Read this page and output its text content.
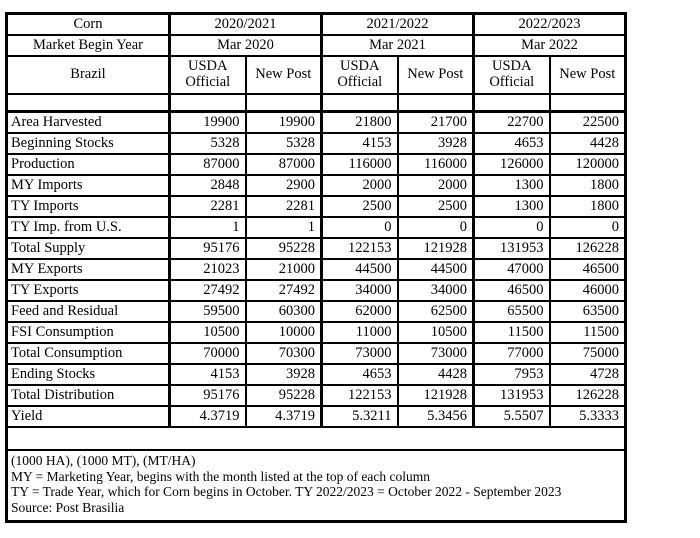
Corn	2020/2021		2021/2022		2022/2023	
Market Begin Year	Mar 2020		Mar 2021		Mar 2022	
Brazil	USDA Official	New Post	USDA Official	New Post	USDA Official	New Post

Area Harvested	19900	19900	21800	21700	22700	22500
Beginning Stocks	5328	5328	4153	3928	4653	4428
Production	87000	87000	116000	116000	126000	120000
MY Imports	2848	2900	2000	2000	1300	1800
TY Imports	2281	2281	2500	2500	1300	1800
TY Imp. from U.S.	1	1	0	0	0	0
Total Supply	95176	95228	122153	121928	131953	126228
MY Exports	21023	21000	44500	44500	47000	46500
TY Exports	27492	27492	34000	34000	46500	46000
Feed and Residual	59500	60300	62000	62500	65500	63500
FSI Consumption	10500	10000	11000	10500	11500	11500
Total Consumption	70000	70300	73000	73000	77000	75000
Ending Stocks	4153	3928	4653	4428	7953	4728
Total Distribution	95176	95228	122153	121928	131953	126228
Yield	4.3719	4.3719	5.3211	5.3456	5.5507	5.3333

(1000 HA), (1000 MT), (MT/HA)
MY = Marketing Year, begins with the month listed at the top of each column
TY = Trade Year, which for Corn begins in October. TY 2022/2023 = October 2022 - September 2023
Source: Post Brasilia						
